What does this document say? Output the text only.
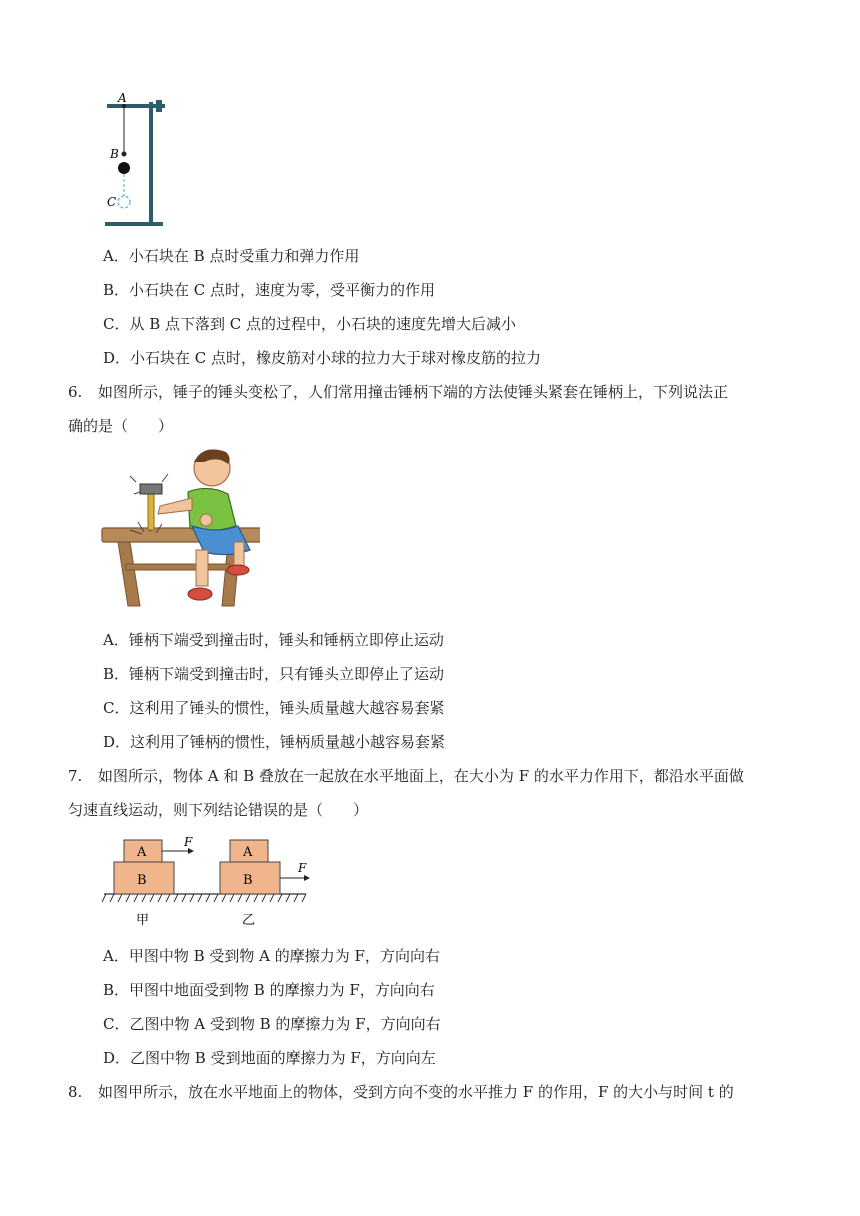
A
B
C
A．小石块在 B 点时受重力和弹力作用
B．小石块在 C 点时，速度为零，受平衡力的作用
C．从 B 点下落到 C 点的过程中，小石块的速度先增大后减小
D．小石块在 C 点时，橡皮筋对小球的拉力大于球对橡皮筋的拉力
6. 如图所示，锤子的锤头变松了，人们常用撞击锤柄下端的方法使锤头紧套在锤柄上，下列说法正
确的是（　　）
A．锤柄下端受到撞击时，锤头和锤柄立即停止运动
B．锤柄下端受到撞击时，只有锤头立即停止了运动
C．这利用了锤头的惯性，锤头质量越大越容易套紧
D．这利用了锤柄的惯性，锤柄质量越小越容易套紧
7. 如图所示，物体 A 和 B 叠放在一起放在水平地面上，在大小为 F 的水平力作用下，都沿水平面做
匀速直线运动，则下列结论错误的是（　　）
A
B
F
A
B
F
甲	乙
A．甲图中物 B 受到物 A 的摩擦力为 F，方向向右
B．甲图中地面受到物 B 的摩擦力为 F，方向向右
C．乙图中物 A 受到物 B 的摩擦力为 F，方向向右
D．乙图中物 B 受到地面的摩擦力为 F，方向向左
8. 如图甲所示，放在水平地面上的物体，受到方向不变的水平推力 F 的作用，F 的大小与时间 t 的
